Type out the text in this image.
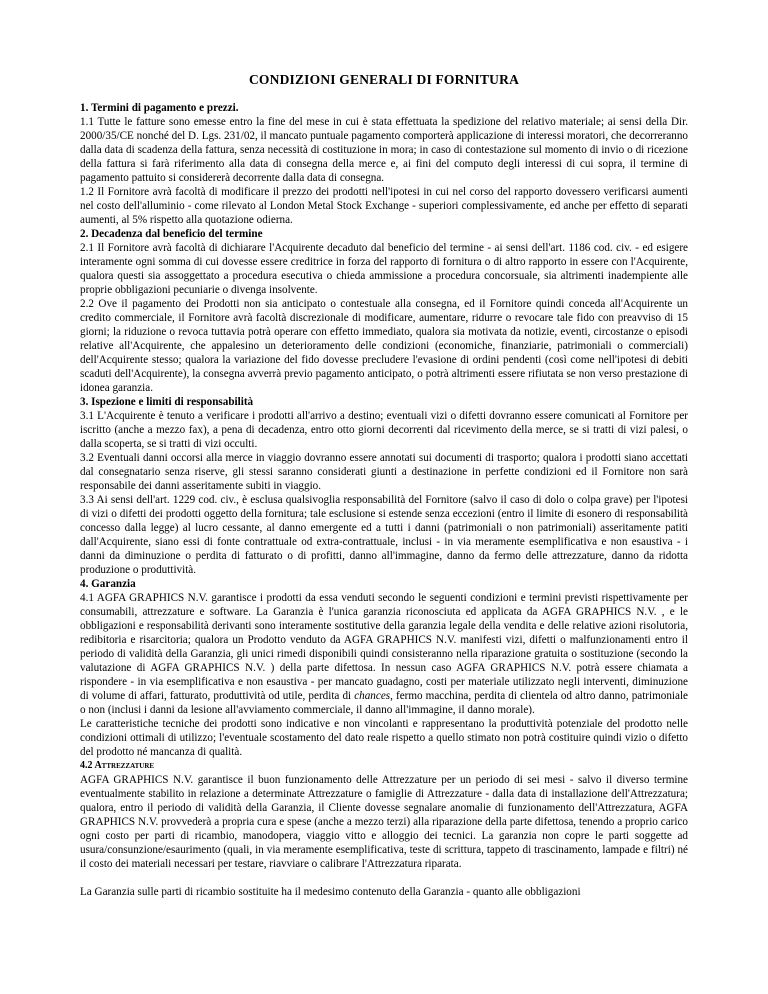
CONDIZIONI GENERALI DI FORNITURA

1. Termini di pagamento e prezzi.

1.1 Tutte le fatture sono emesse entro la fine del mese in cui è stata effettuata la spedizione del relativo materiale; ai sensi della Dir. 2000/35/CE nonché del D. Lgs. 231/02, il mancato puntuale pagamento comporterà applicazione di interessi moratori, che decorreranno dalla data di scadenza della fattura, senza necessità di costituzione in mora; in caso di contestazione sul momento di invio o di ricezione della fattura si farà riferimento alla data di consegna della merce e, ai fini del computo degli interessi di cui sopra, il termine di pagamento pattuito si considererà decorrente dalla data di consegna.

1.2 Il Fornitore avrà facoltà di modificare il prezzo dei prodotti nell'ipotesi in cui nel corso del rapporto dovessero verificarsi aumenti nel costo dell'alluminio - come rilevato al London Metal Stock Exchange - superiori complessivamente, ed anche per effetto di separati aumenti, al 5% rispetto alla quotazione odierna.

2. Decadenza dal beneficio del termine

2.1 Il Fornitore avrà facoltà di dichiarare l'Acquirente decaduto dal beneficio del termine - ai sensi dell'art. 1186 cod. civ. - ed esigere interamente ogni somma di cui dovesse essere creditrice in forza del rapporto di fornitura o di altro rapporto in essere con l'Acquirente, qualora questi sia assoggettato a procedura esecutiva o chieda ammissione a procedura concorsuale, sia altrimenti inadempiente alle proprie obbligazioni pecuniarie o divenga insolvente.

2.2 Ove il pagamento dei Prodotti non sia anticipato o contestuale alla consegna, ed il Fornitore quindi conceda all'Acquirente un credito commerciale, il Fornitore avrà facoltà discrezionale di modificare, aumentare, ridurre o revocare tale fido con preavviso di 15 giorni; la riduzione o revoca tuttavia potrà operare con effetto immediato, qualora sia motivata da notizie, eventi, circostanze o episodi relative all'Acquirente, che appalesino un deterioramento delle condizioni (economiche, finanziarie, patrimoniali o commerciali) dell'Acquirente stesso; qualora la variazione del fido dovesse precludere l'evasione di ordini pendenti (così come nell'ipotesi di debiti scaduti dell'Acquirente), la consegna avverrà previo pagamento anticipato, o potrà altrimenti essere rifiutata se non verso prestazione di idonea garanzia.

3. Ispezione e limiti di responsabilità

3.1 L'Acquirente è tenuto a verificare i prodotti all'arrivo a destino; eventuali vizi o difetti dovranno essere comunicati al Fornitore per iscritto (anche a mezzo fax), a pena di decadenza, entro otto giorni decorrenti dal ricevimento della merce, se si tratti di vizi palesi, o dalla scoperta, se si tratti di vizi occulti.

3.2 Eventuali danni occorsi alla merce in viaggio dovranno essere annotati sui documenti di trasporto; qualora i prodotti siano accettati dal consegnatario senza riserve, gli stessi saranno considerati giunti a destinazione in perfette condizioni ed il Fornitore non sarà responsabile dei danni asseritamente subiti in viaggio.

3.3 Ai sensi dell'art. 1229 cod. civ., è esclusa qualsivoglia responsabilità del Fornitore (salvo il caso di dolo o colpa grave) per l'ipotesi di vizi o difetti dei prodotti oggetto della fornitura; tale esclusione si estende senza eccezioni (entro il limite di esonero di responsabilità concesso dalla legge) al lucro cessante, al danno emergente ed a tutti i danni (patrimoniali o non patrimoniali) asseritamente patiti dall'Acquirente, siano essi di fonte contrattuale od extra-contrattuale, inclusi - in via meramente esemplificativa e non esaustiva - i danni da diminuzione o perdita di fatturato o di profitti, danno all'immagine, danno da fermo delle attrezzature, danno da ridotta produzione o produttività.

4. Garanzia

4.1 AGFA GRAPHICS N.V. garantisce i prodotti da essa venduti secondo le seguenti condizioni e termini previsti rispettivamente per consumabili, attrezzature e software. La Garanzia è l'unica garanzia riconosciuta ed applicata da AGFA GRAPHICS N.V. , e le obbligazioni e responsabilità derivanti sono interamente sostitutive della garanzia legale della vendita e delle relative azioni risolutoria, redibitoria e risarcitoria; qualora un Prodotto venduto da AGFA GRAPHICS N.V. manifesti vizi, difetti o malfunzionamenti entro il periodo di validità della Garanzia, gli unici rimedi disponibili quindi consisteranno nella riparazione gratuita o sostituzione (secondo la valutazione di AGFA GRAPHICS N.V. ) della parte difettosa. In nessun caso AGFA GRAPHICS N.V. potrà essere chiamata a rispondere - in via esemplificativa e non esaustiva - per mancato guadagno, costi per materiale utilizzato negli interventi, diminuzione di volume di affari, fatturato, produttività od utile, perdita di chances, fermo macchina, perdita di clientela od altro danno, patrimoniale o non (inclusi i danni da lesione all'avviamento commerciale, il danno all'immagine, il danno morale).

Le caratteristiche tecniche dei prodotti sono indicative e non vincolanti e rappresentano la produttività potenziale del prodotto nelle condizioni ottimali di utilizzo; l'eventuale scostamento del dato reale rispetto a quello stimato non potrà costituire quindi vizio o difetto del prodotto né mancanza di qualità.

4.2 Attrezzature

AGFA GRAPHICS N.V. garantisce il buon funzionamento delle Attrezzature per un periodo di sei mesi - salvo il diverso termine eventualmente stabilito in relazione a determinate Attrezzature o famiglie di Attrezzature - dalla data di installazione dell'Attrezzatura; qualora, entro il periodo di validità della Garanzia, il Cliente dovesse segnalare anomalie di funzionamento dell'Attrezzatura, AGFA GRAPHICS N.V. provvederà a propria cura e spese (anche a mezzo terzi) alla riparazione della parte difettosa, tenendo a proprio carico ogni costo per parti di ricambio, manodopera, viaggio vitto e alloggio dei tecnici. La garanzia non copre le parti soggette ad usura/consunzione/esaurimento (quali, in via meramente esemplificativa, teste di scrittura, tappeto di trascinamento, lampade e filtri) né il costo dei materiali necessari per testare, riavviare o calibrare l'Attrezzatura riparata.

La Garanzia sulle parti di ricambio sostituite ha il medesimo contenuto della Garanzia - quanto alle obbligazioni
